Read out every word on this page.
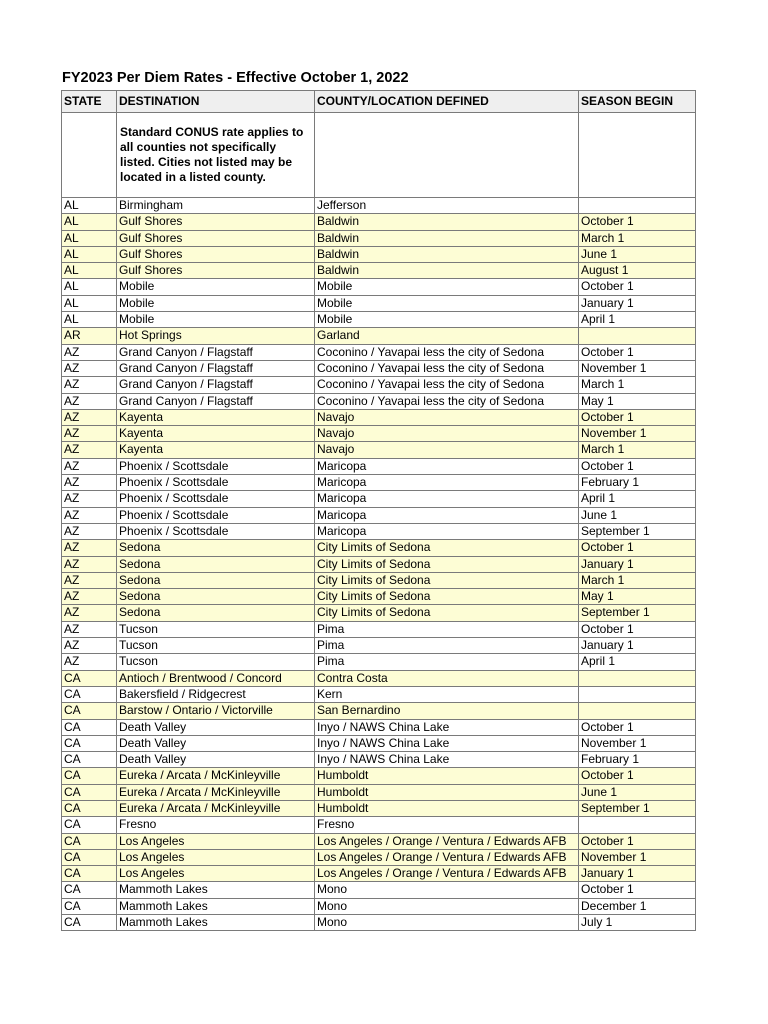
FY2023 Per Diem Rates - Effective October 1, 2022
STATE	DESTINATION	COUNTY/LOCATION DEFINED	SEASON BEGIN
	Standard CONUS rate applies to all counties not specifically listed. Cities not listed may be located in a listed county.		
AL	Birmingham	Jefferson	
AL	Gulf Shores	Baldwin	October 1
AL	Gulf Shores	Baldwin	March 1
AL	Gulf Shores	Baldwin	June 1
AL	Gulf Shores	Baldwin	August 1
AL	Mobile	Mobile	October 1
AL	Mobile	Mobile	January 1
AL	Mobile	Mobile	April 1
AR	Hot Springs	Garland	
AZ	Grand Canyon / Flagstaff	Coconino / Yavapai less the city of Sedona	October 1
AZ	Grand Canyon / Flagstaff	Coconino / Yavapai less the city of Sedona	November 1
AZ	Grand Canyon / Flagstaff	Coconino / Yavapai less the city of Sedona	March 1
AZ	Grand Canyon / Flagstaff	Coconino / Yavapai less the city of Sedona	May 1
AZ	Kayenta	Navajo	October 1
AZ	Kayenta	Navajo	November 1
AZ	Kayenta	Navajo	March 1
AZ	Phoenix / Scottsdale	Maricopa	October 1
AZ	Phoenix / Scottsdale	Maricopa	February 1
AZ	Phoenix / Scottsdale	Maricopa	April 1
AZ	Phoenix / Scottsdale	Maricopa	June 1
AZ	Phoenix / Scottsdale	Maricopa	September 1
AZ	Sedona	City Limits of Sedona	October 1
AZ	Sedona	City Limits of Sedona	January 1
AZ	Sedona	City Limits of Sedona	March 1
AZ	Sedona	City Limits of Sedona	May 1
AZ	Sedona	City Limits of Sedona	September 1
AZ	Tucson	Pima	October 1
AZ	Tucson	Pima	January 1
AZ	Tucson	Pima	April 1
CA	Antioch / Brentwood / Concord	Contra Costa	
CA	Bakersfield / Ridgecrest	Kern	
CA	Barstow / Ontario / Victorville	San Bernardino	
CA	Death Valley	Inyo / NAWS China Lake	October 1
CA	Death Valley	Inyo / NAWS China Lake	November 1
CA	Death Valley	Inyo / NAWS China Lake	February 1
CA	Eureka / Arcata / McKinleyville	Humboldt	October 1
CA	Eureka / Arcata / McKinleyville	Humboldt	June 1
CA	Eureka / Arcata / McKinleyville	Humboldt	September 1
CA	Fresno	Fresno	
CA	Los Angeles	Los Angeles / Orange / Ventura / Edwards AFB	October 1
CA	Los Angeles	Los Angeles / Orange / Ventura / Edwards AFB	November 1
CA	Los Angeles	Los Angeles / Orange / Ventura / Edwards AFB	January 1
CA	Mammoth Lakes	Mono	October 1
CA	Mammoth Lakes	Mono	December 1
CA	Mammoth Lakes	Mono	July 1
